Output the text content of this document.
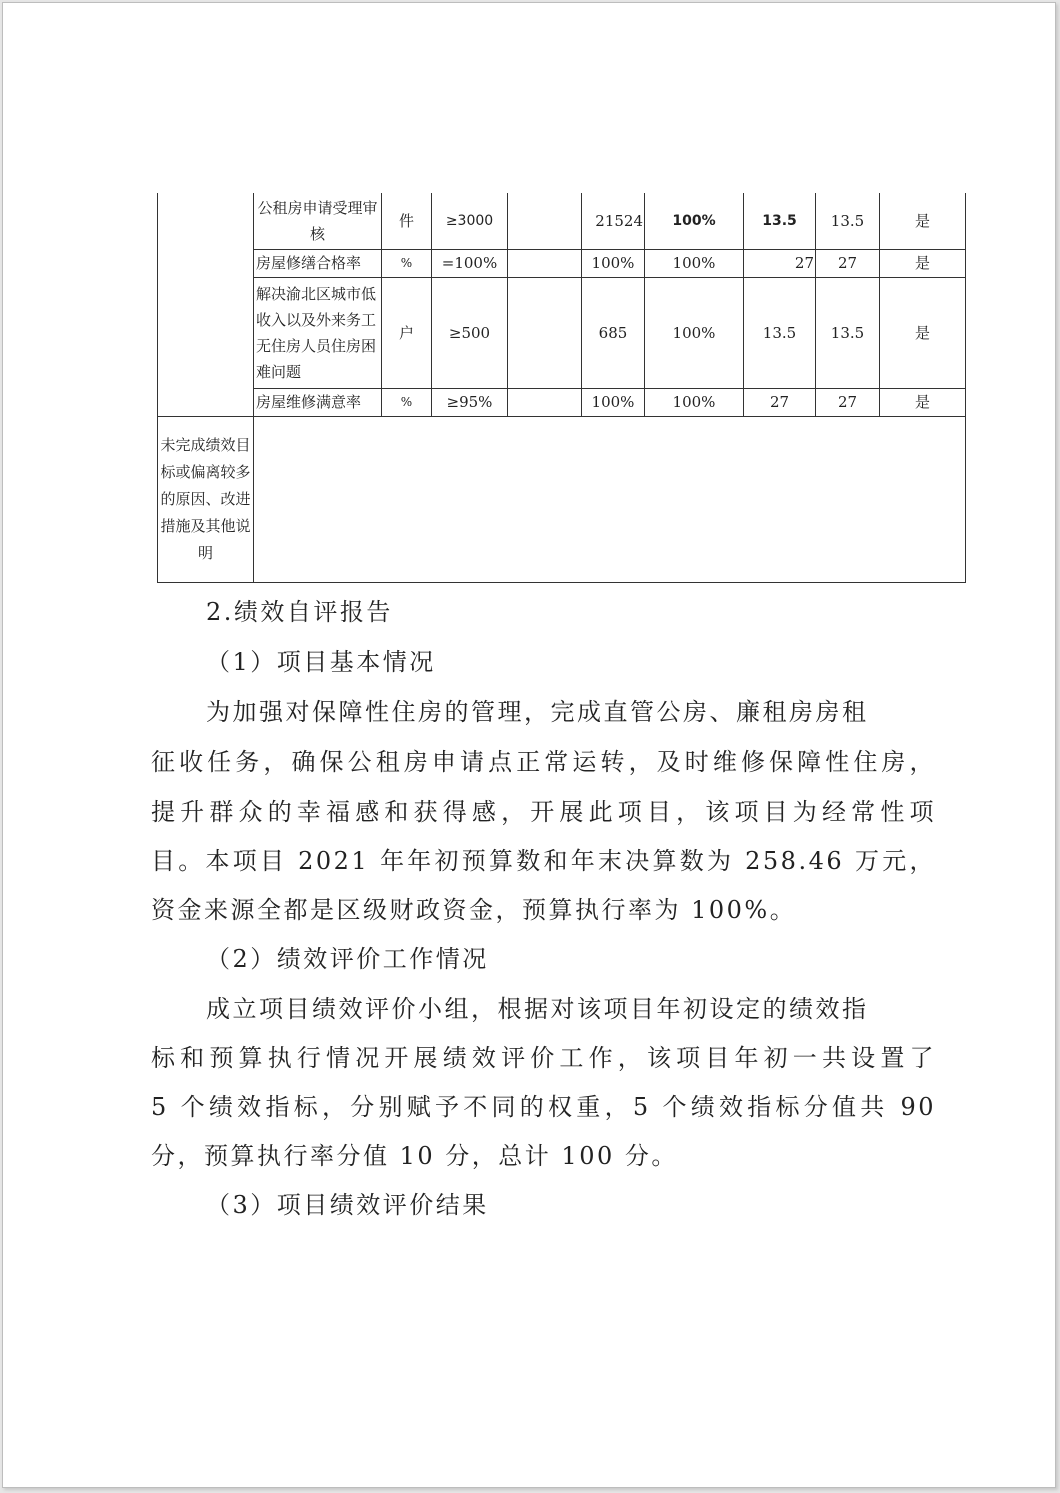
	公租房申请受理审核	件	≥3000		21524	100%	13.5	13.5	是
	房屋修缮合格率	%	=100%		100%	100%	27	27	是
	解决渝北区城市低收入以及外来务工无住房人员住房困难问题	户	≥500		685	100%	13.5	13.5	是
	房屋维修满意率	%	≥95%		100%	100%	27	27	是
未完成绩效目标或偏离较多的原因、改进措施及其他说明									
2.绩效自评报告
（1）项目基本情况
为加强对保障性住房的管理，完成直管公房、廉租房房租
征收任务，确保公租房申请点正常运转，及时维修保障性住房，
提升群众的幸福感和获得感，开展此项目，该项目为经常性项
目。本项目 2021 年年初预算数和年末决算数为 258.46 万元，
资金来源全都是区级财政资金，预算执行率为 100%。
（2）绩效评价工作情况
成立项目绩效评价小组，根据对该项目年初设定的绩效指
标和预算执行情况开展绩效评价工作，该项目年初一共设置了
5 个绩效指标，分别赋予不同的权重，5 个绩效指标分值共 90
分，预算执行率分值 10 分，总计 100 分。
（3）项目绩效评价结果
